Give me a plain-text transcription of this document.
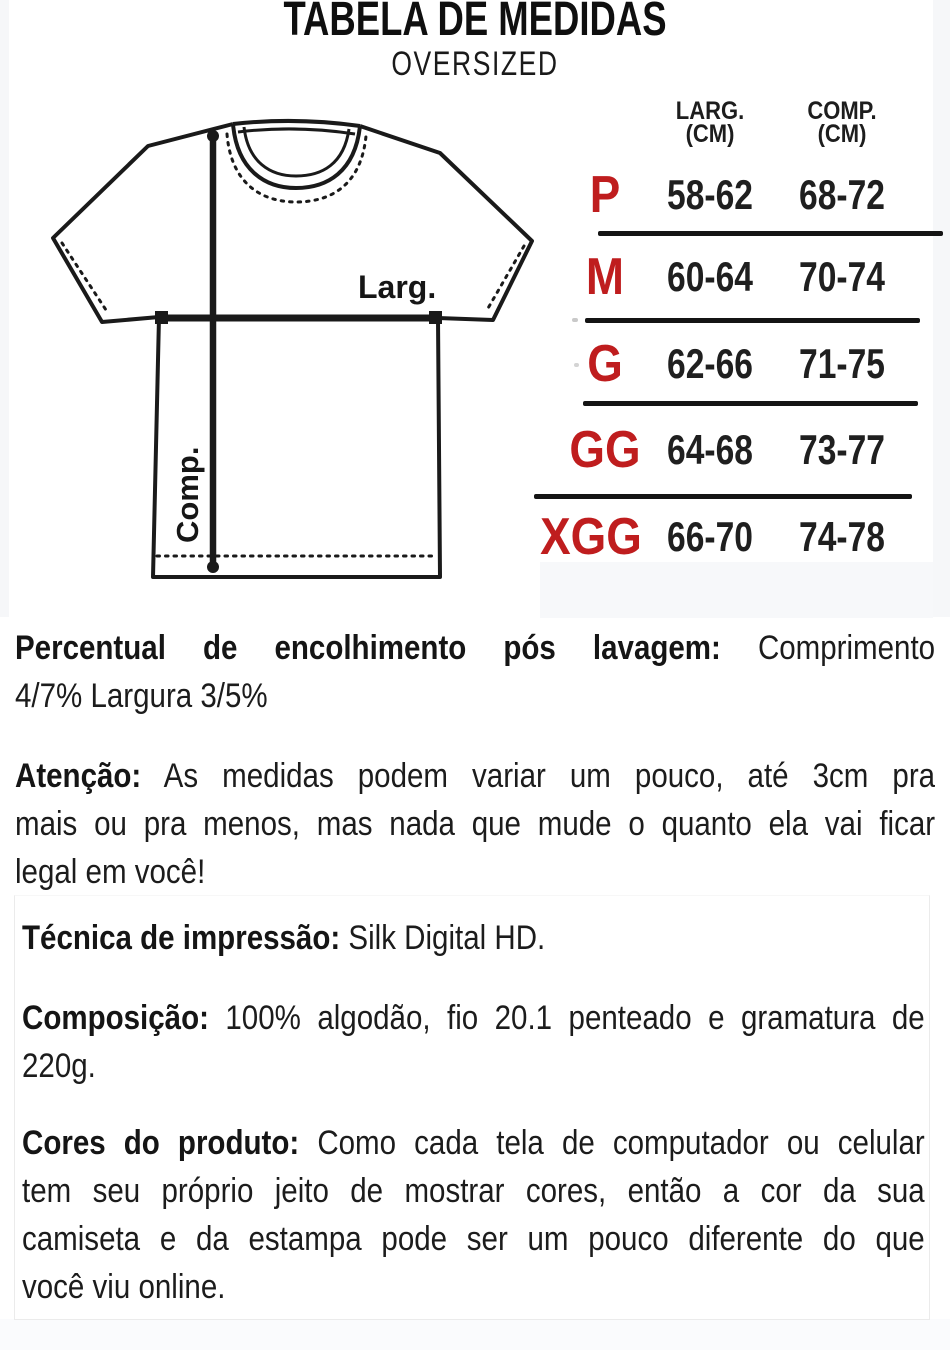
TABELA DE MEDIDAS
OVERSIZED
Larg.
Comp.
LARG.
(CM)
COMP.
(CM)
P	58-62 68-72
M	60-64 70-74
G	62-66 71-75
GG 64-68 73-77
XGG 66-70 74-78
Percentual de encolhimento pós lavagem: Comprimento
4/7% Largura 3/5%
Atenção: As medidas podem variar um pouco, até 3cm pra
mais ou pra menos, mas nada que mude o quanto ela vai ficar
legal em você!
Técnica de impressão: Silk Digital HD.
Composição: 100% algodão, fio 20.1 penteado e gramatura de
220g.
Cores do produto: Como cada tela de computador ou celular
tem seu próprio jeito de mostrar cores, então a cor da sua
camiseta e da estampa pode ser um pouco diferente do que
você viu online.
